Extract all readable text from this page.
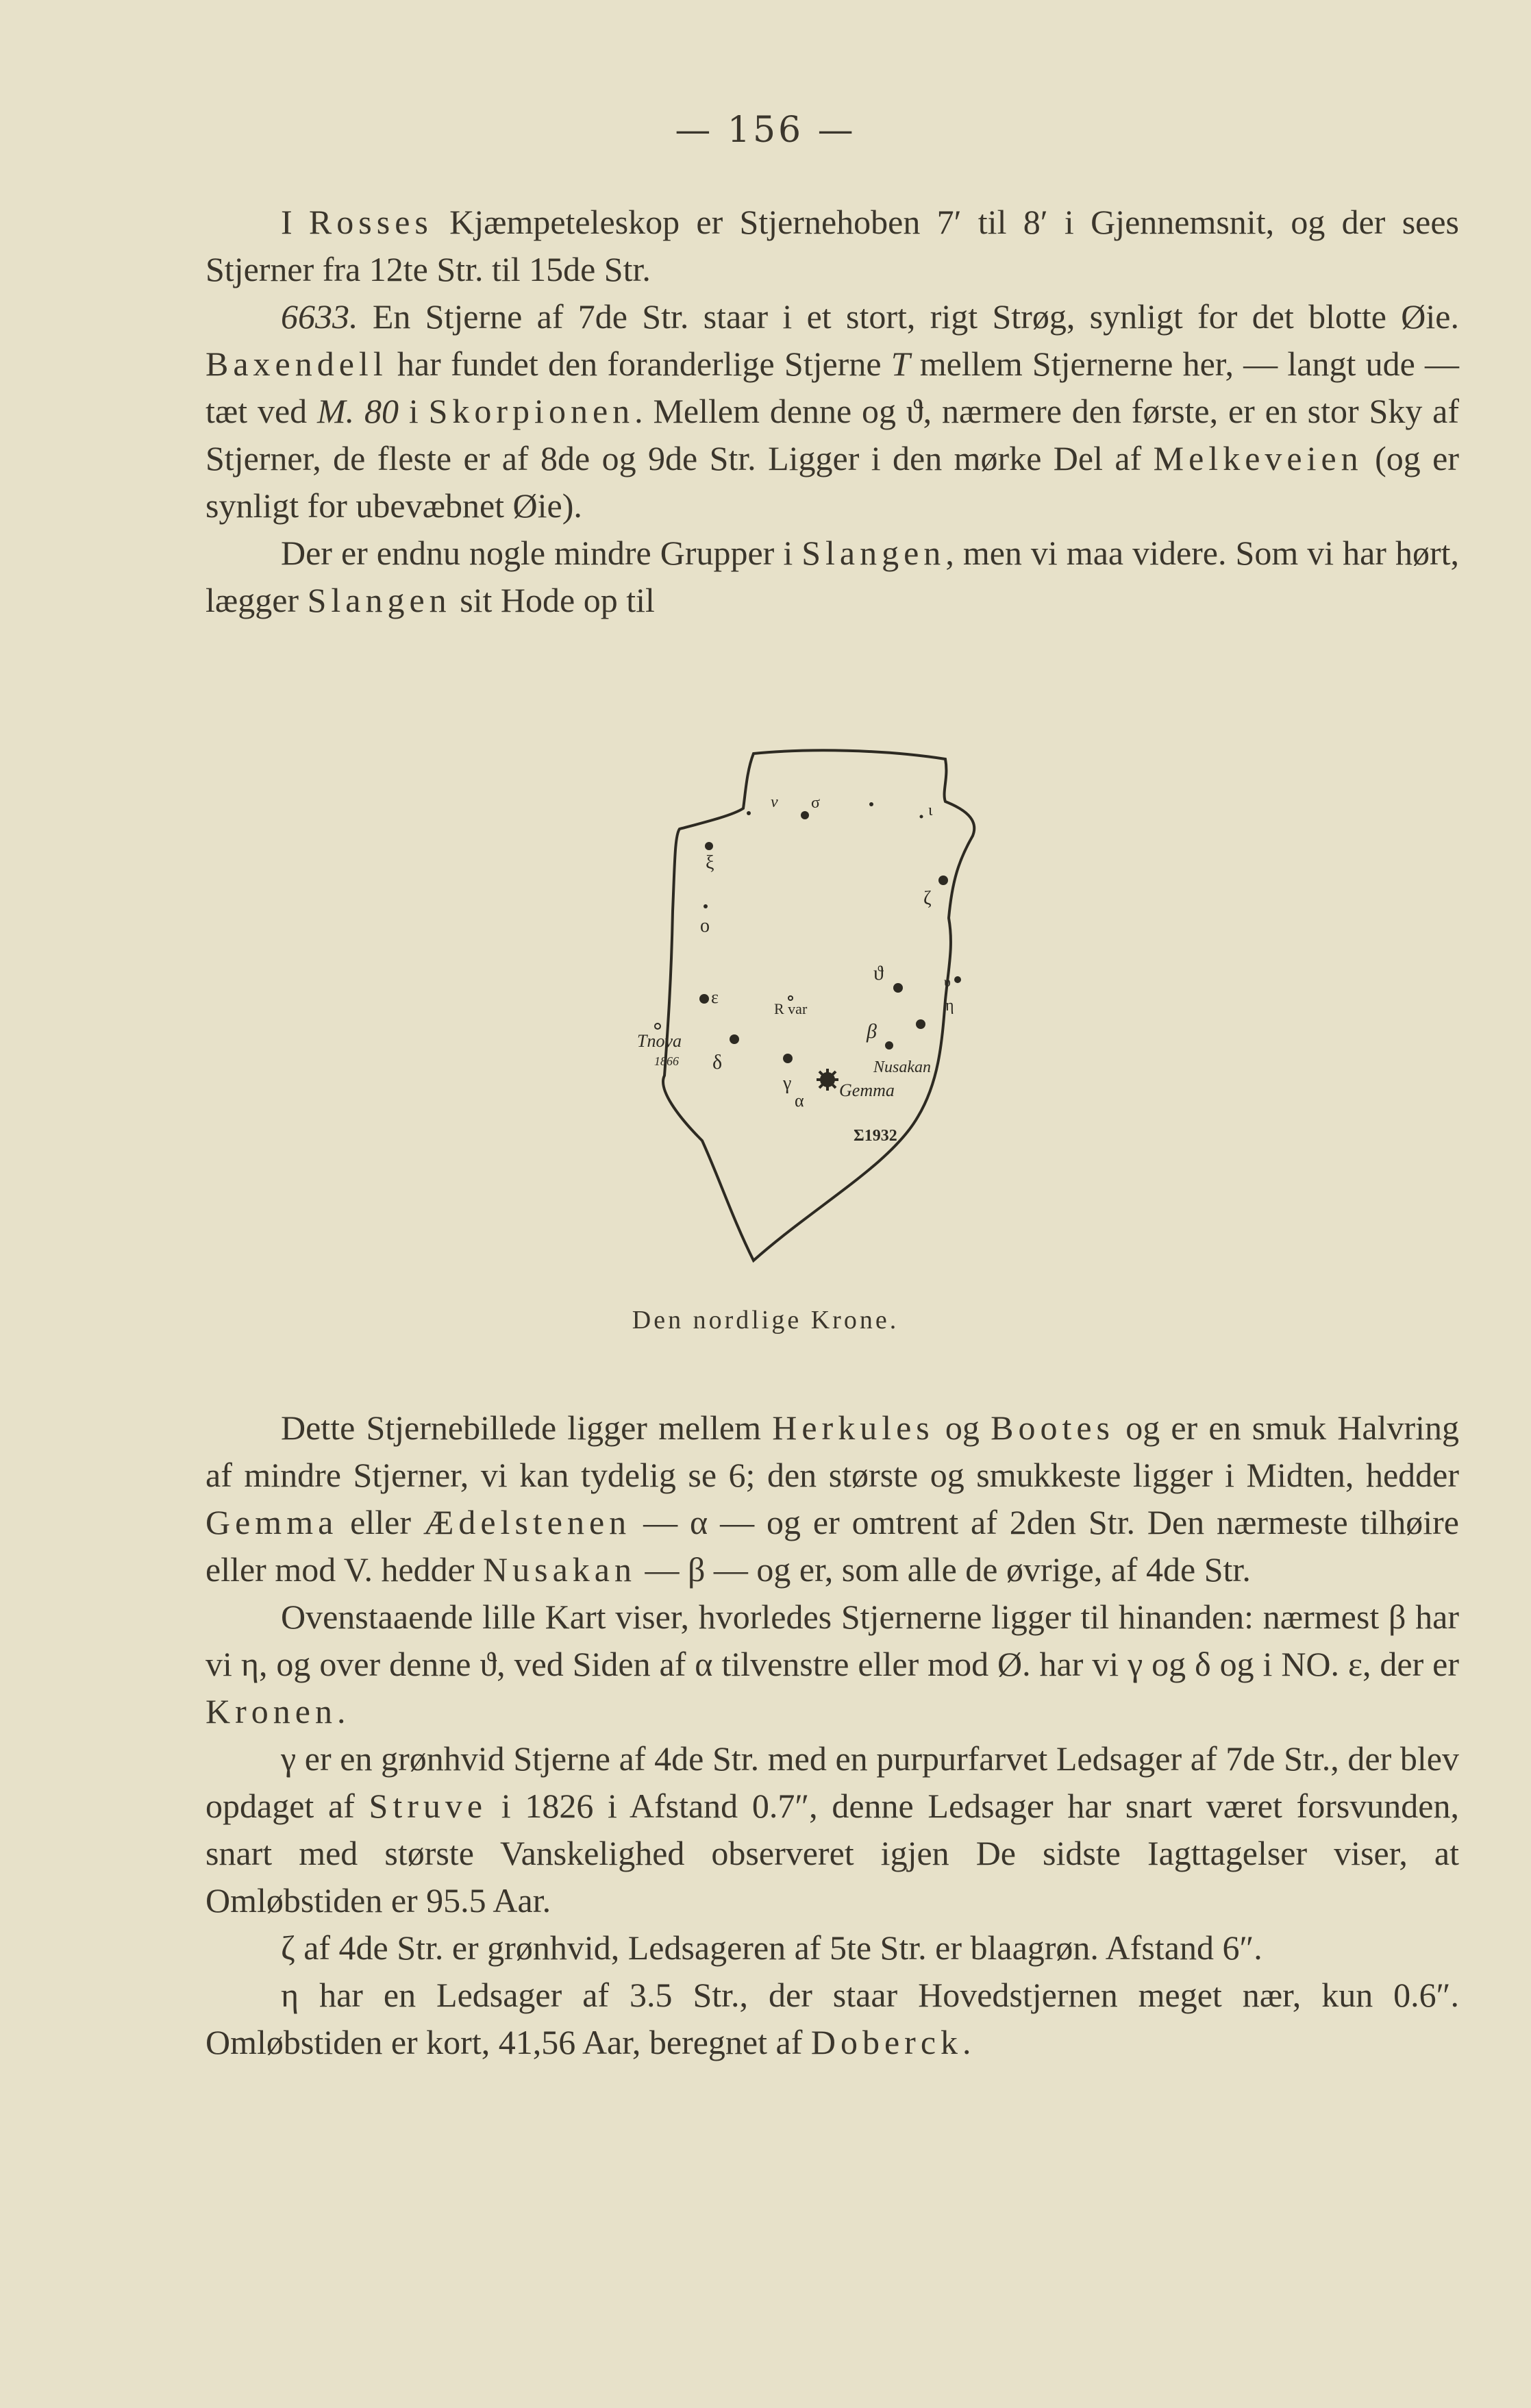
— 156 —

I Rosses Kjæmpeteleskop er Stjernehoben 7′ til 8′ i Gjennemsnit, og der sees Stjerner fra 12te Str. til 15de Str.

6633. En Stjerne af 7de Str. staar i et stort, rigt Strøg, synligt for det blotte Øie. Baxendell har fundet den foranderlige Stjerne T mellem Stjernerne her, — langt ude — tæt ved M. 80 i Skorpionen. Mellem denne og ϑ, nærmere den første, er en stor Sky af Stjerner, de fleste er af 8de og 9de Str. Ligger i den mørke Del af Melkeveien (og er synligt for ubevæbnet Øie).

Der er endnu nogle mindre Grupper i Slangen, men vi maa videre. Som vi har hørt, lægger Slangen sit Hode op til

ν σ	ι
ξ
ο
ζ
ϑ	υ
η
ε
R var
β
Tnova
1866 δ	Nusakan
γ
α
Gemma
Σ1932
Den nordlige Krone.

Dette Stjernebillede ligger mellem Herkules og Bootes og er en smuk Halvring af mindre Stjerner, vi kan tydelig se 6; den største og smukkeste ligger i Midten, hedder Gemma eller Ædelstenen — α — og er omtrent af 2den Str. Den nærmeste tilhøire eller mod V. hedder Nusakan — β — og er, som alle de øvrige, af 4de Str.

Ovenstaaende lille Kart viser, hvorledes Stjernerne ligger til hinanden: nærmest β har vi η, og over denne ϑ, ved Siden af α tilvenstre eller mod Ø. har vi γ og δ og i NO. ε, der er Kronen.

γ er en grønhvid Stjerne af 4de Str. med en purpurfarvet Ledsager af 7de Str., der blev opdaget af Struve i 1826 i Afstand 0.7″, denne Ledsager har snart været forsvunden, snart med største Vanskelighed observeret igjen De sidste Iagttagelser viser, at Omløbstiden er 95.5 Aar.

ζ af 4de Str. er grønhvid, Ledsageren af 5te Str. er blaagrøn. Afstand 6″.

η har en Ledsager af 3.5 Str., der staar Hovedstjernen meget nær, kun 0.6″. Omløbstiden er kort, 41,56 Aar, beregnet af Doberck.
